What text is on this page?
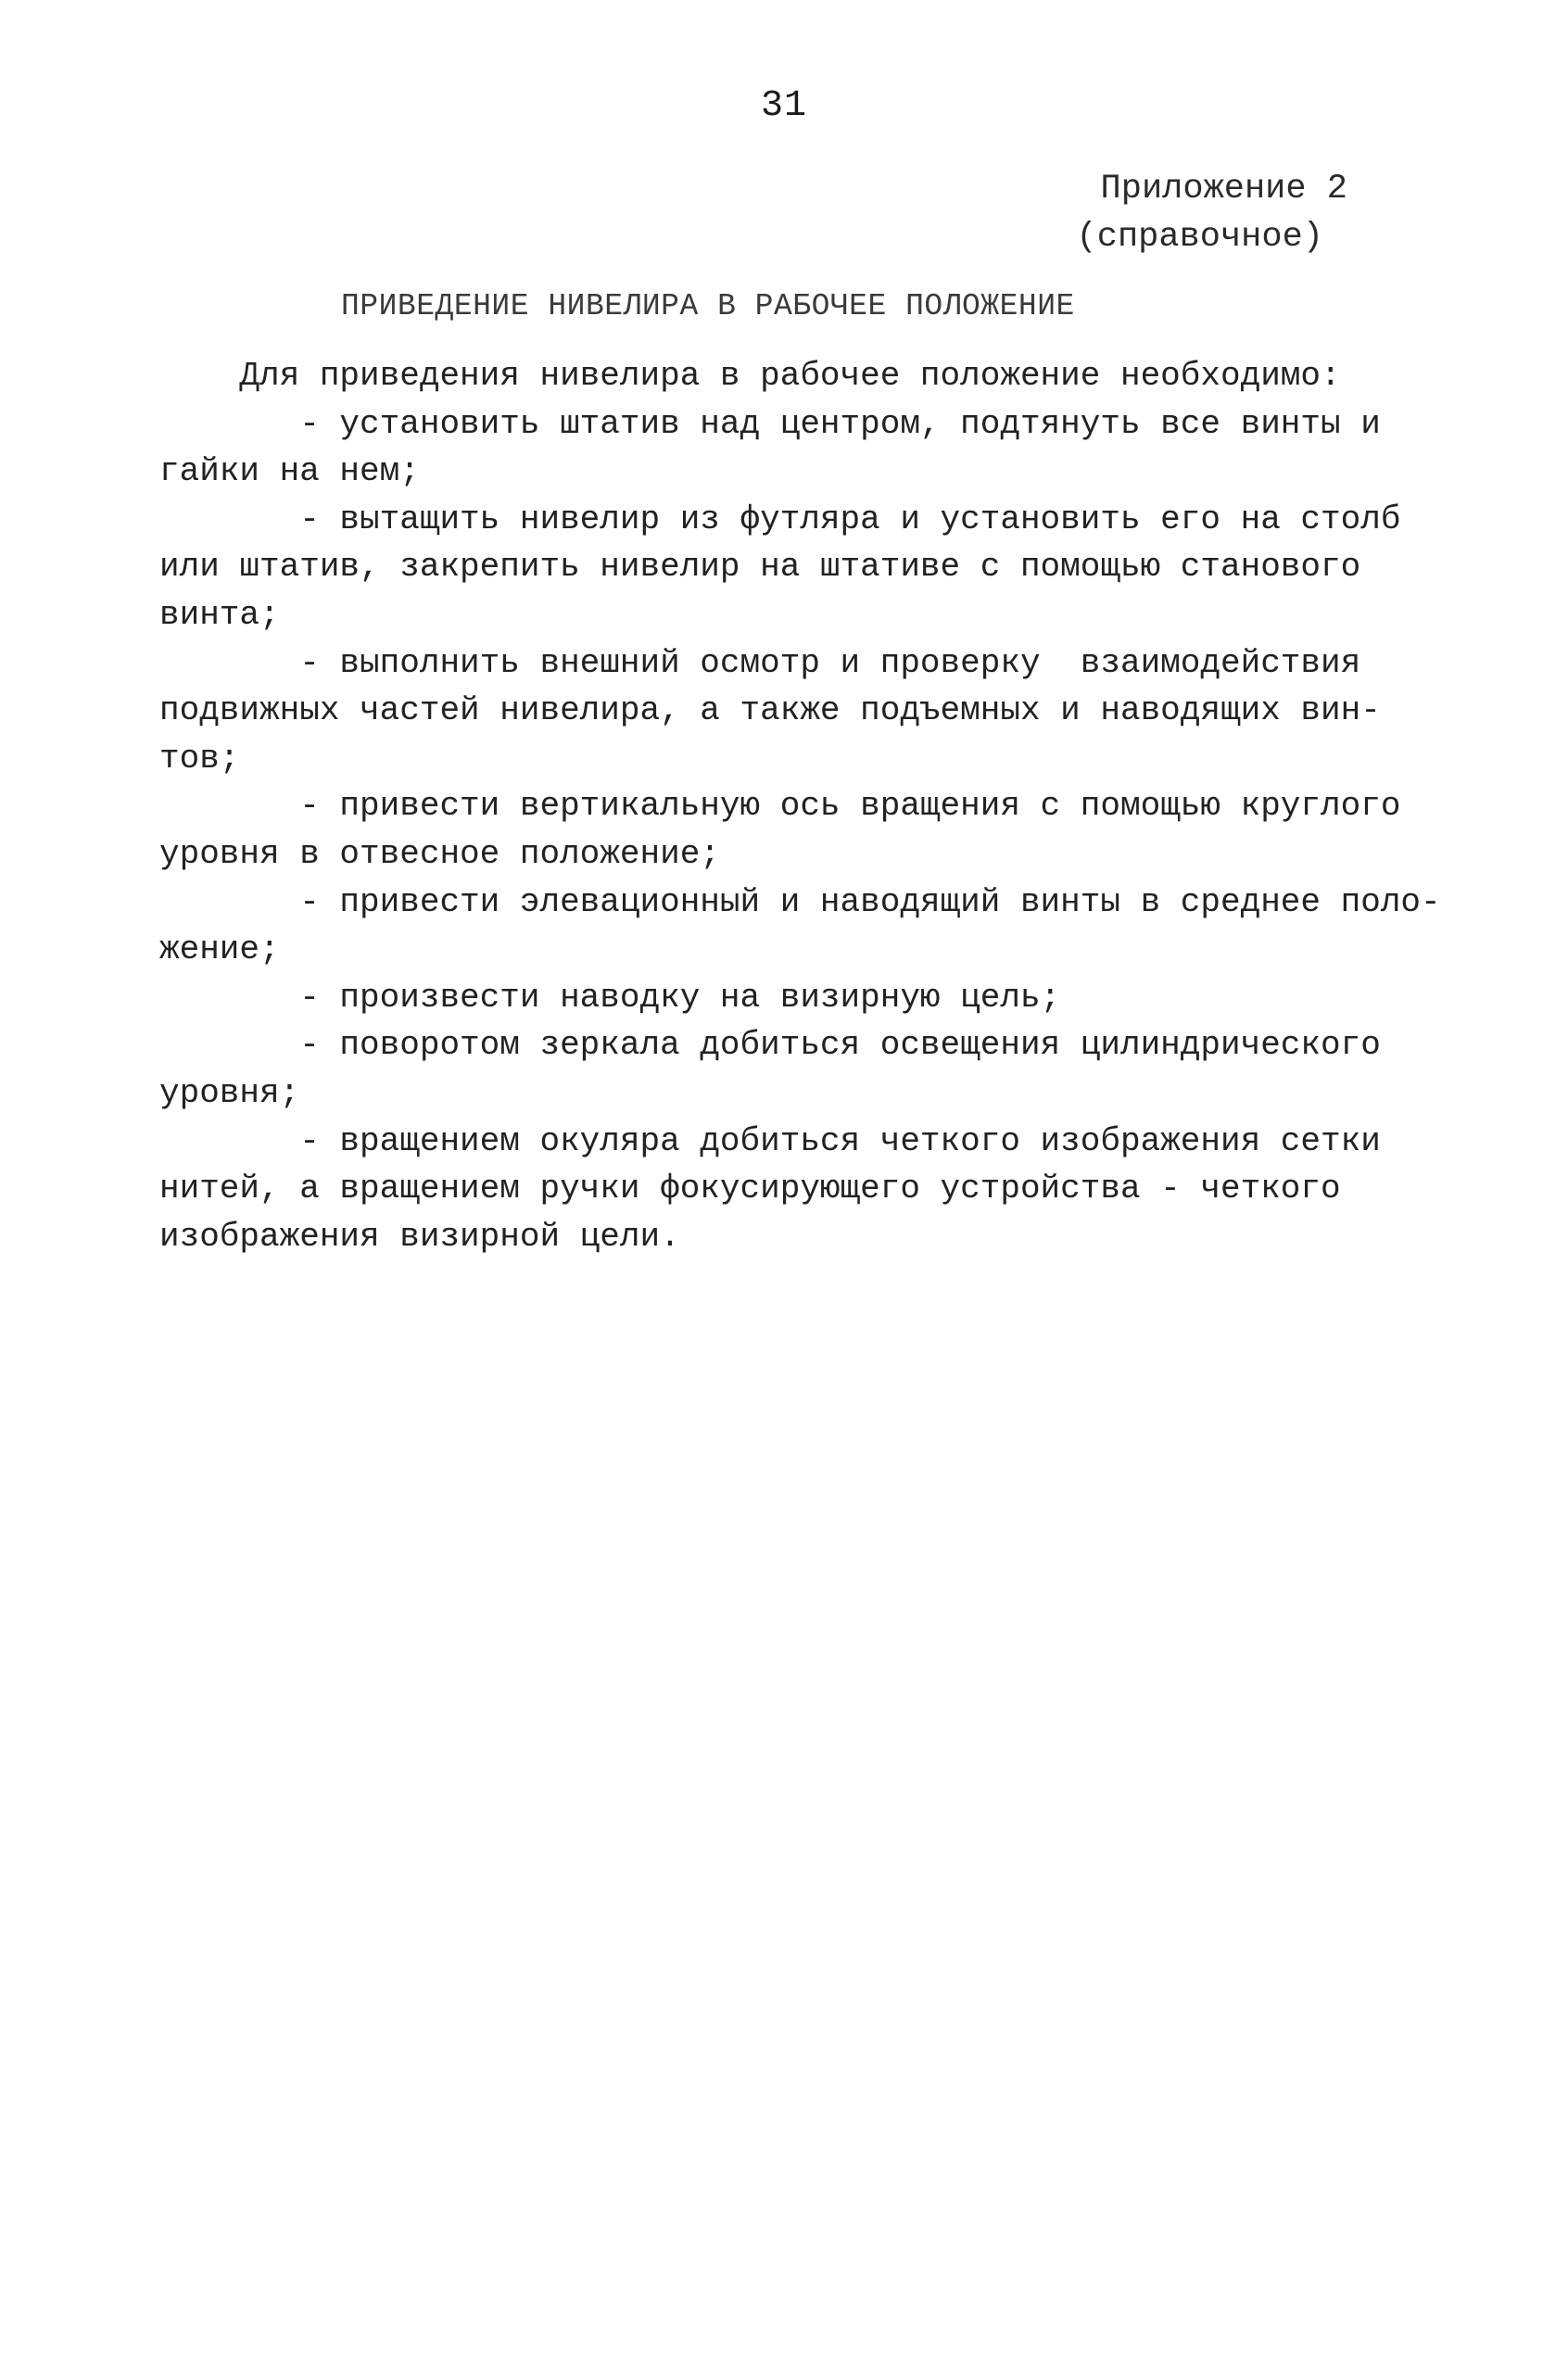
31
Приложение 2
(справочное)
ПРИВЕДЕНИЕ НИВЕЛИРА В РАБОЧЕЕ ПОЛОЖЕНИЕ

Для приведения нивелира в рабочее положение необходимо:

- установить штатив над центром, подтянуть все винты и

гайки на нем;

- вытащить нивелир из футляра и установить его на столб

или штатив, закрепить нивелир на штативе с помощью станового

винта;

- выполнить внешний осмотр и проверку  взаимодействия

подвижных частей нивелира, а также подъемных и наводящих вин-

тов;

- привести вертикальную ось вращения с помощью круглого

уровня в отвесное положение;

- привести элевационный и наводящий винты в среднее поло-

жение;

- произвести наводку на визирную цель;

- поворотом зеркала добиться освещения цилиндрического

уровня;

- вращением окуляра добиться четкого изображения сетки

нитей, а вращением ручки фокусирующего устройства - четкого

изображения визирной цели.
